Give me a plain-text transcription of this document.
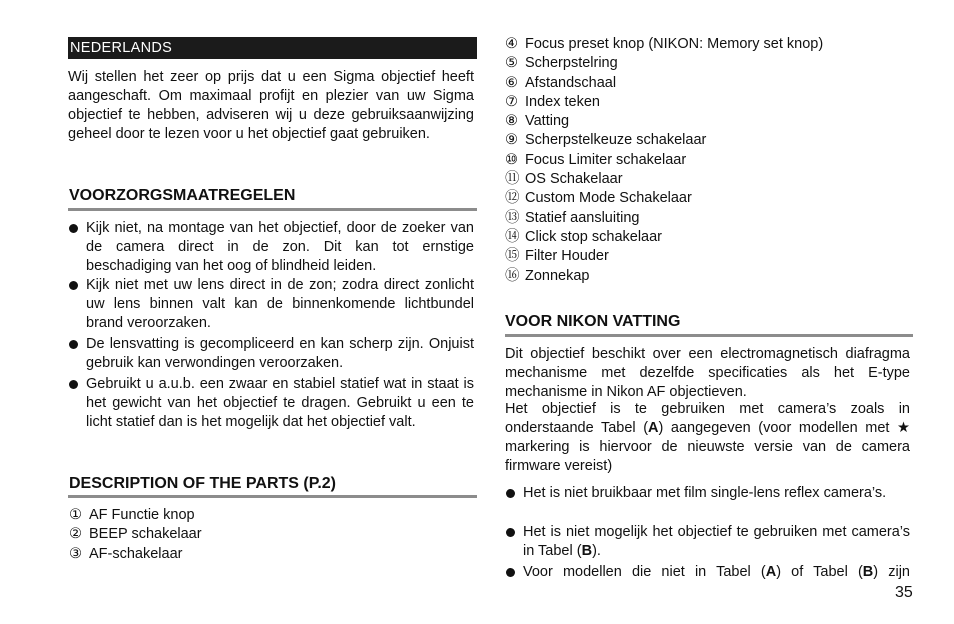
NEDERLANDS
Wij stellen het zeer op prijs dat u een Sigma objectief heeft aangeschaft. Om maximaal profijt en plezier van uw Sigma objectief te hebben, adviseren wij u deze gebruiksaanwijzing geheel door te lezen voor u het objectief gaat gebruiken.
VOORZORGSMAATREGELEN
Kijk niet, na montage van het objectief, door de zoeker van de camera direct in de zon. Dit kan tot ernstige beschadiging van het oog of blindheid leiden.
Kijk niet met uw lens direct in de zon; zodra direct zonlicht uw lens binnen valt kan de binnenkomende lichtbundel brand veroorzaken.
De lensvatting is gecompliceerd en kan scherp zijn. Onjuist gebruik kan verwondingen veroorzaken.
Gebruikt u a.u.b. een zwaar en stabiel statief wat in staat is het gewicht van het objectief te dragen. Gebruikt u een te licht statief dan is het mogelijk dat het objectief valt.
DESCRIPTION OF THE PARTS (P.2)
① AF Functie knop
② BEEP schakelaar
③ AF-schakelaar
④ Focus preset knop (NIKON: Memory set knop)
⑤ Scherpstelring
⑥ Afstandschaal
⑦ Index teken
⑧ Vatting
⑨ Scherpstelkeuze schakelaar
⑩ Focus Limiter schakelaar
⑪ OS Schakelaar
⑫ Custom Mode Schakelaar
⑬ Statief aansluiting
⑭ Click stop schakelaar
⑮ Filter Houder
⑯ Zonnekap
VOOR NIKON VATTING
Dit objectief beschikt over een electromagnetisch diafragma mechanisme met dezelfde specificaties als het E-type mechanisme in Nikon AF objectieven.
Het objectief is te gebruiken met camera’s zoals in onderstaande Tabel (A) aangegeven (voor modellen met ★ markering is hiervoor de nieuwste versie van de camera firmware vereist)
Het is niet bruikbaar met film single-lens reflex camera’s.
Het is niet mogelijk het objectief te gebruiken met camera’s in Tabel (B).
Voor modellen die niet in Tabel (A) of Tabel (B) zijn
35
